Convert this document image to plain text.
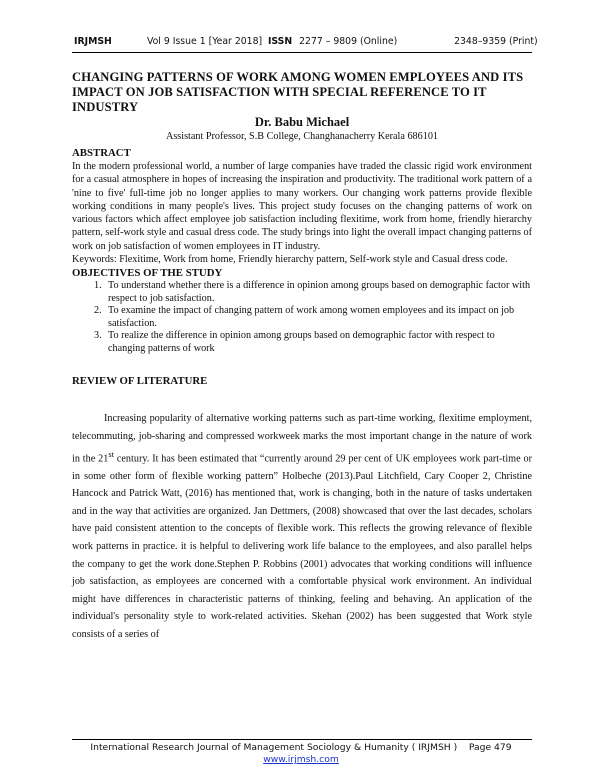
IRJMSH	Vol 9 Issue 1 [Year 2018] ISSN 2277 – 9809 (Online)	2348–9359 (Print)
CHANGING PATTERNS OF WORK AMONG WOMEN EMPLOYEES AND ITS IMPACT ON JOB SATISFACTION WITH SPECIAL REFERENCE TO IT INDUSTRY

Dr. Babu Michael

Assistant Professor, S.B College, Changhanacherry Kerala 686101

ABSTRACT

In the modern professional world, a number of large companies have traded the classic rigid work environment for a casual atmosphere in hopes of increasing the inspiration and productivity. The traditional work pattern of a 'nine to five' full-time job no longer applies to many workers. Our changing work patterns provide flexible working conditions in many people's lives. This project study focuses on the changing patterns of work on various factors which affect employee job satisfaction including flexitime, work from home, friendly hierarchy pattern, self-work style and casual dress code. The study brings into light the overall impact changing patterns of work on job satisfaction of women employees in IT industry.

Keywords: Flexitime, Work from home, Friendly hierarchy pattern, Self-work style and Casual dress code.

OBJECTIVES OF THE STUDY
1. To understand whether there is a difference in opinion among groups based on demographic factor with respect to job satisfaction.
2. To examine the impact of changing pattern of work among women employees and its impact on job satisfaction.
3. To realize the difference in opinion among groups based on demographic factor with respect to changing patterns of work
REVIEW OF LITERATURE

Increasing popularity of alternative working patterns such as part-time working, flexitime employment, telecommuting, job-sharing and compressed workweek marks the most important change in the nature of work in the 21st century. It has been estimated that “currently around 29 per cent of UK employees work part-time or in some other form of flexible working pattern” Holbeche (2013).Paul Litchfield, Cary Cooper 2, Christine Hancock and Patrick Watt, (2016) has mentioned that, work is changing, both in the nature of tasks undertaken and in the way that activities are organized. Jan Dettmers, (2008) showcased that over the last decades, scholars have paid consistent attention to the concepts of flexible work. This reflects the growing relevance of flexible work patterns in practice. it is helpful to delivering work life balance to the employees, and also parallel helps the company to get the work done.Stephen P. Robbins (2001) advocates that working conditions will influence job satisfaction, as employees are concerned with a comfortable physical work environment. An individual might have differences in characteristic patterns of thinking, feeling and behaving. An application of the individual's personality style to work-related activities. Skehan (2002) has been suggested that Work style consists of a series of

International Research Journal of Management Sociology & Humanity ( IRJMSH ) Page 479
www.irjmsh.com
